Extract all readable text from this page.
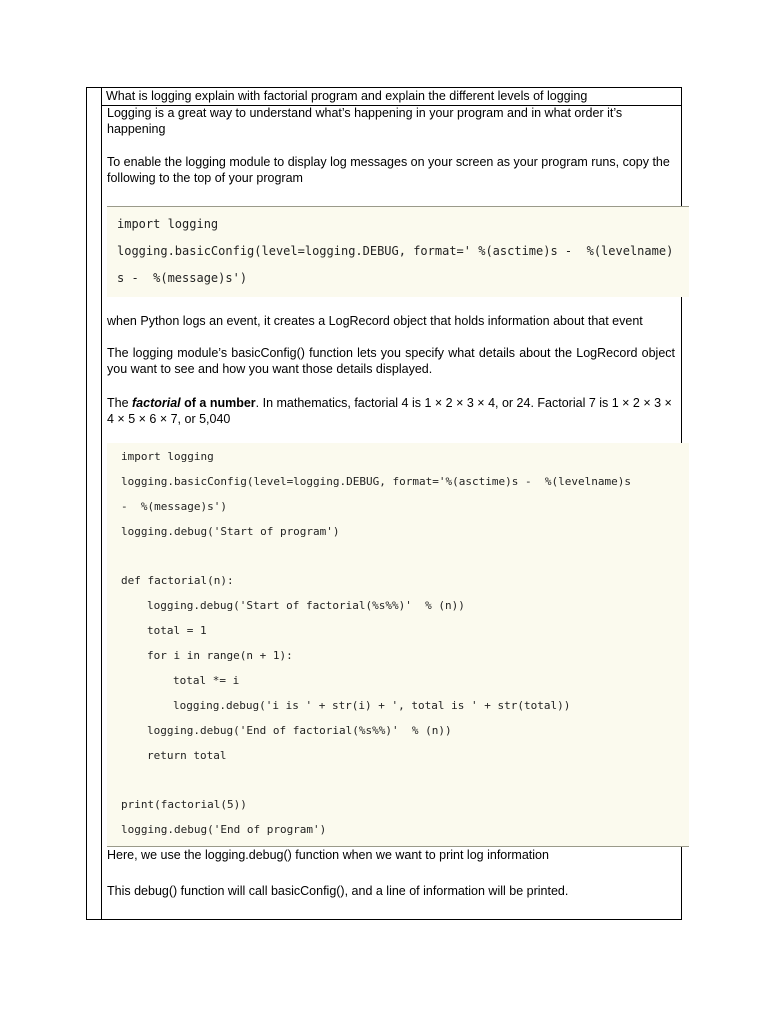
What is logging explain with factorial program and explain the different levels of logging
Logging is a great way to understand what’s happening in your program and in what order it’s happening
To enable the logging module to display log messages on your screen as your program runs, copy the following to the top of your program

import logging

logging.basicConfig(level=logging.DEBUG, format=' %(asctime)s -  %(levelname)

s -  %(message)s')

when Python logs an event, it creates a LogRecord object that holds information about that event
The logging module’s basicConfig() function lets you specify what details about the LogRecord object you want to see and how you want those details displayed.
The factorial of a number. In mathematics, factorial 4 is 1 × 2 × 3 × 4, or 24. Factorial 7 is 1 × 2 × 3 × 4 × 5 × 6 × 7, or 5,040

import logging

logging.basicConfig(level=logging.DEBUG, format='%(asctime)s -  %(levelname)s

-  %(message)s')

logging.debug('Start of program')

def factorial(n):

logging.debug('Start of factorial(%s%%)'  % (n))

total = 1

for i in range(n + 1):

total *= i

logging.debug('i is ' + str(i) + ', total is ' + str(total))

logging.debug('End of factorial(%s%%)'  % (n))

return total

print(factorial(5))

logging.debug('End of program')

Here, we use the logging.debug() function when we want to print log information
This debug() function will call basicConfig(), and a line of information will be printed.
